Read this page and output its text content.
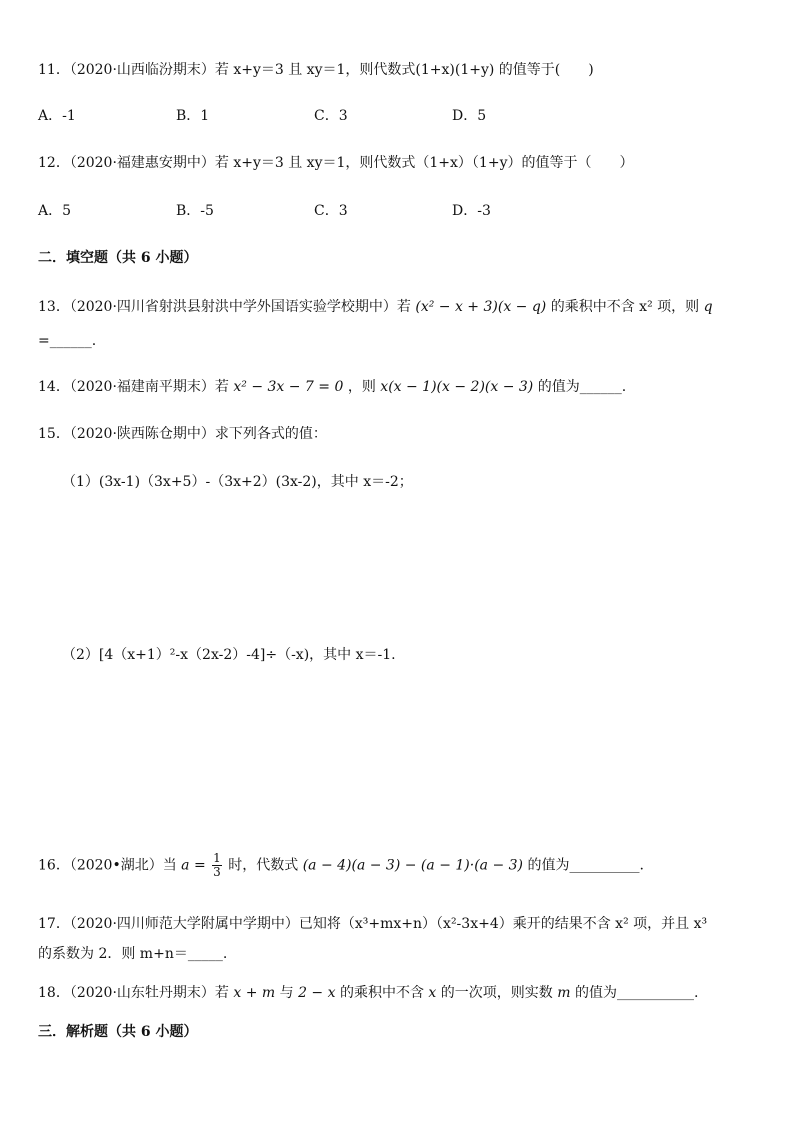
11．（2020·山西临汾期末）若 x+y＝3 且 xy＝1，则代数式(1+x)(1+y) 的值等于(　　)
A．-1	B．1	C．3	D．5
12．（2020·福建惠安期中）若 x+y＝3 且 xy＝1，则代数式（1+x）（1+y）的值等于（　　）
A．5	B．-5	C．3	D．-3
二．填空题（共 6 小题）
13．（2020·四川省射洪县射洪中学外国语实验学校期中）若 (x² − x + 3)(x − q) 的乘积中不含 x² 项，则 q
=______.
14．（2020·福建南平期末）若 x² − 3x − 7 = 0 ，则 x(x − 1)(x − 2)(x − 3) 的值为______.
15．（2020·陕西陈仓期中）求下列各式的值：
（1）(3x-1)（3x+5）-（3x+2）(3x-2)，其中 x＝-2；
（2）[4（x+1）²-x（2x-2）-4]÷（-x)，其中 x＝-1.
16．（2020•湖北）当 $a = \frac{1}{3}$ 时，代数式 (a − 4)(a − 3) − (a − 1)·(a − 3) 的值为__________.
17．（2020·四川师范大学附属中学期中）已知将（x³+mx+n）（x²-3x+4）乘开的结果不含 x² 项，并且 x³
的系数为 2．则 m+n＝_____.
18．（2020·山东牡丹期末）若 x + m 与 2 − x 的乘积中不含 x 的一次项，则实数 m 的值为___________.
三．解析题（共 6 小题）
